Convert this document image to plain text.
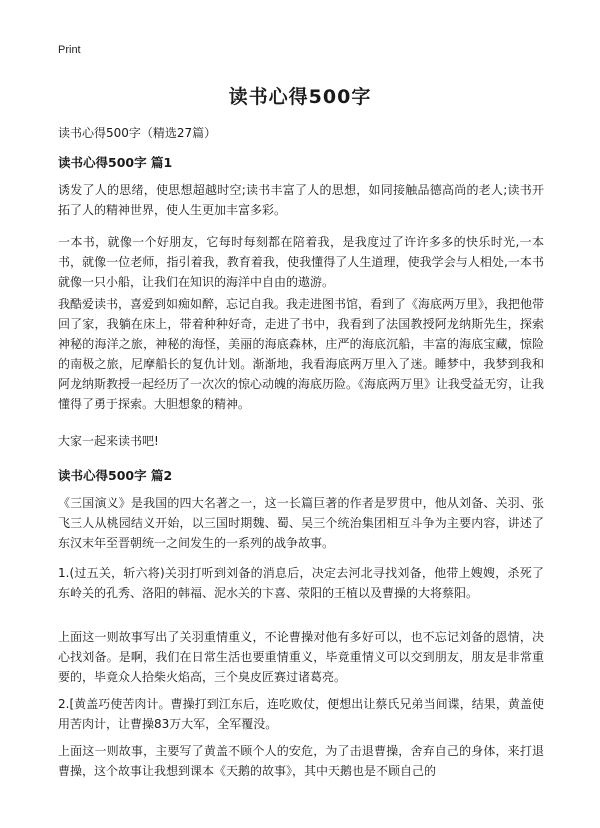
Print
读书心得500字
读书心得500字（精选27篇）
读书心得500字 篇1
诱发了人的思绪，使思想超越时空;读书丰富了人的思想，如同接触品德高尚的老人;读书开拓了人的精神世界，使人生更加丰富多彩。
一本书，就像一个好朋友，它每时每刻都在陪着我，是我度过了许许多多的快乐时光,一本书，就像一位老师，指引着我，教育着我，使我懂得了人生道理，使我学会与人相处,一本书就像一只小船，让我们在知识的海洋中自由的遨游。
我酷爱读书，喜爱到如痴如醉，忘记自我。我走进图书馆，看到了《海底两万里》，我把他带回了家，我躺在床上，带着种种好奇，走进了书中，我看到了法国教授阿龙纳斯先生，探索神秘的海洋之旅，神秘的海怪，美丽的海底森林，庄严的海底沉船，丰富的海底宝藏，惊险的南极之旅，尼摩船长的复仇计划。渐渐地，我看海底两万里入了迷。睡梦中，我梦到我和阿龙纳斯教授一起经历了一次次的惊心动魄的海底历险。《海底两万里》让我受益无穷，让我懂得了勇于探索。大胆想象的精神。
大家一起来读书吧!
读书心得500字 篇2
《三国演义》是我国的四大名著之一，这一长篇巨著的作者是罗贯中，他从刘备、关羽、张飞三人从桃园结义开始，以三国时期魏、蜀、吴三个统治集团相互斗争为主要内容，讲述了东汉末年至晋朝统一之间发生的一系列的战争故事。
1.(过五关，斩六将)关羽打听到刘备的消息后，决定去河北寻找刘备，他带上嫂嫂，杀死了东岭关的孔秀、洛阳的韩福、泥水关的卞喜、荥阳的王植以及曹操的大将蔡阳。
上面这一则故事写出了关羽重情重义，不论曹操对他有多好可以，也不忘记刘备的恩情，决心找刘备。是啊，我们在日常生活也要重情重义，毕竟重情义可以交到朋友，朋友是非常重要的，毕竟众人拾柴火焰高，三个臭皮匠赛过诸葛亮。
2.[黄盖巧使苦肉计。曹操打到江东后，连吃败仗，便想出让蔡氏兄弟当间谍，结果，黄盖使用苦肉计，让曹操83万大军，全军覆没。
上面这一则故事，主要写了黄盖不顾个人的安危，为了击退曹操，舍弃自己的身体，来打退曹操，这个故事让我想到课本《天鹅的故事》，其中天鹅也是不顾自己的
